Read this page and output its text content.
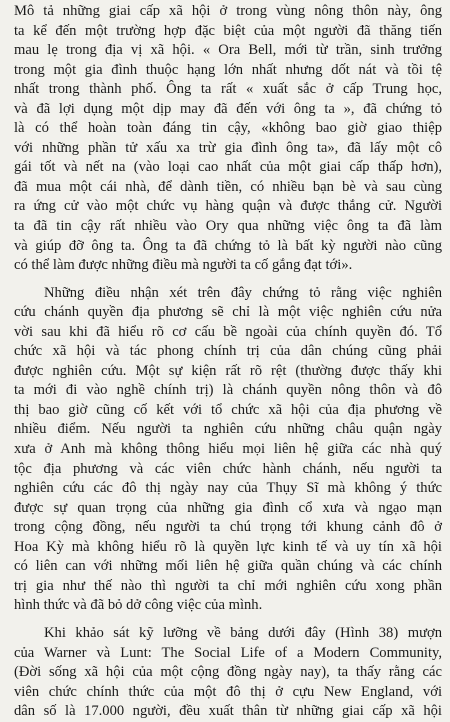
Mô tả những giai cấp xã hội ở trong vùng nông thôn này, ông
ta kể đến một trường hợp đặc biệt của một người đã thăng tiến
mau lẹ trong địa vị xã hội. « Ora Bell, mới từ trần, sinh trưởng
trong một gia đình thuộc hạng lớn nhất nhưng dốt nát và tồi tệ
nhất trong thành phố. Ông ta rất « xuất sắc ở cấp Trung học,
và đã lợi dụng một dịp may đã đến với ông ta », đã chứng tỏ
là có thể hoàn toàn đáng tin cậy, «không bao giờ giao thiệp
với những phần tử xấu xa trừ gia đình ông ta», đã lấy một cô
gái tốt và nết na (vào loại cao nhất của một giai cấp thấp hơn),
đã mua một cái nhà, để dành tiền, có nhiều bạn bè và sau cùng
ra ứng cử vào một chức vụ hàng quận và được thắng cử. Người
ta đã tin cậy rất nhiều vào Ory qua những việc ông ta đã làm
và giúp đỡ ông ta. Ông ta đã chứng tỏ là bất kỳ người nào cũng
có thể làm được những điều mà người ta cố gắng đạt tới».
Những điều nhận xét trên đây chứng tỏ rằng việc nghiên
cứu chánh quyền địa phương sẽ chỉ là một việc nghiên cứu nửa
vời sau khi đã hiểu rõ cơ cấu bề ngoài của chính quyền đó. Tổ
chức xã hội và tác phong chính trị của dân chúng cũng phải
được nghiên cứu. Một sự kiện rất rõ rệt (thường được thấy khi
ta mới đi vào nghề chính trị) là chánh quyền nông thôn và đô
thị bao giờ cũng cố kết với tổ chức xã hội của địa phương về
nhiều điểm. Nếu người ta nghiên cứu những châu quận ngày
xưa ở Anh mà không thông hiểu mọi liên hệ giữa các nhà quý
tộc địa phương và các viên chức hành chánh, nếu người ta
nghiên cứu các đô thị ngày nay của Thụy Sĩ mà không ý thức
được sự quan trọng của những gia đình cổ xưa và ngạo mạn
trong cộng đồng, nếu người ta chú trọng tới khung cảnh đô ở
Hoa Kỳ mà không hiểu rõ là quyền lực kinh tế và uy tín xã hội
có liên can với những mối liên hệ giữa quần chúng và các chính
trị gia như thế nào thì người ta chỉ mới nghiên cứu xong phần
hình thức và đã bỏ dở công việc của mình.
Khi khảo sát kỹ lưỡng về bảng dưới đây (Hình 38) mượn
của Warner và Lunt: The Social Life of a Modern Community,
(Đời sống xã hội của một cộng đồng ngày nay), ta thấy rằng các
viên chức chính thức của một đô thị ở cựu New England, với
dân số là 17.000 người, đều xuất thân từ những giai cấp xã hội
